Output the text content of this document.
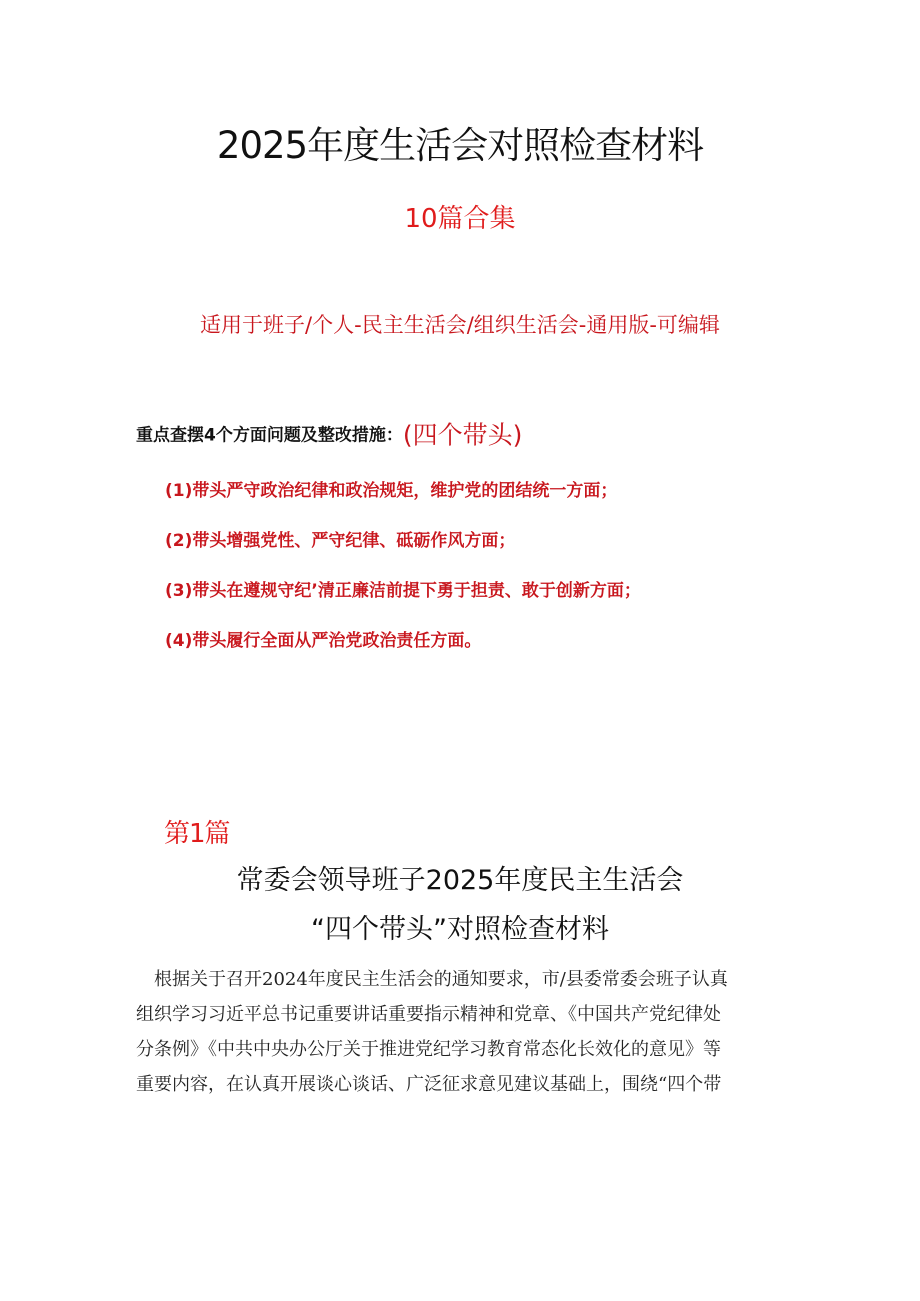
2025年度生活会对照检查材料
10篇合集
适用于班子/个人-民主生活会/组织生活会-通用版-可编辑
重点查摆4个方面问题及整改措施：(四个带头)
(1)带头严守政治纪律和政治规矩，维护党的团结统一方面；
(2)带头增强党性、严守纪律、砥砺作风方面；
(3)带头在遵规守纪’清正廉洁前提下勇于担责、敢于创新方面；
(4)带头履行全面从严治党政治责任方面。
第1篇
常委会领导班子2025年度民主生活会
“四个带头”对照检查材料

根据关于召开2024年度民主生活会的通知要求，市/县委常委会班子认真
组织学习习近平总书记重要讲话重要指示精神和党章、《中国共产党纪律处
分条例》《中共中央办公厅关于推进党纪学习教育常态化长效化的意见》等
重要内容，在认真开展谈心谈话、广泛征求意见建议基础上，围绕“四个带
